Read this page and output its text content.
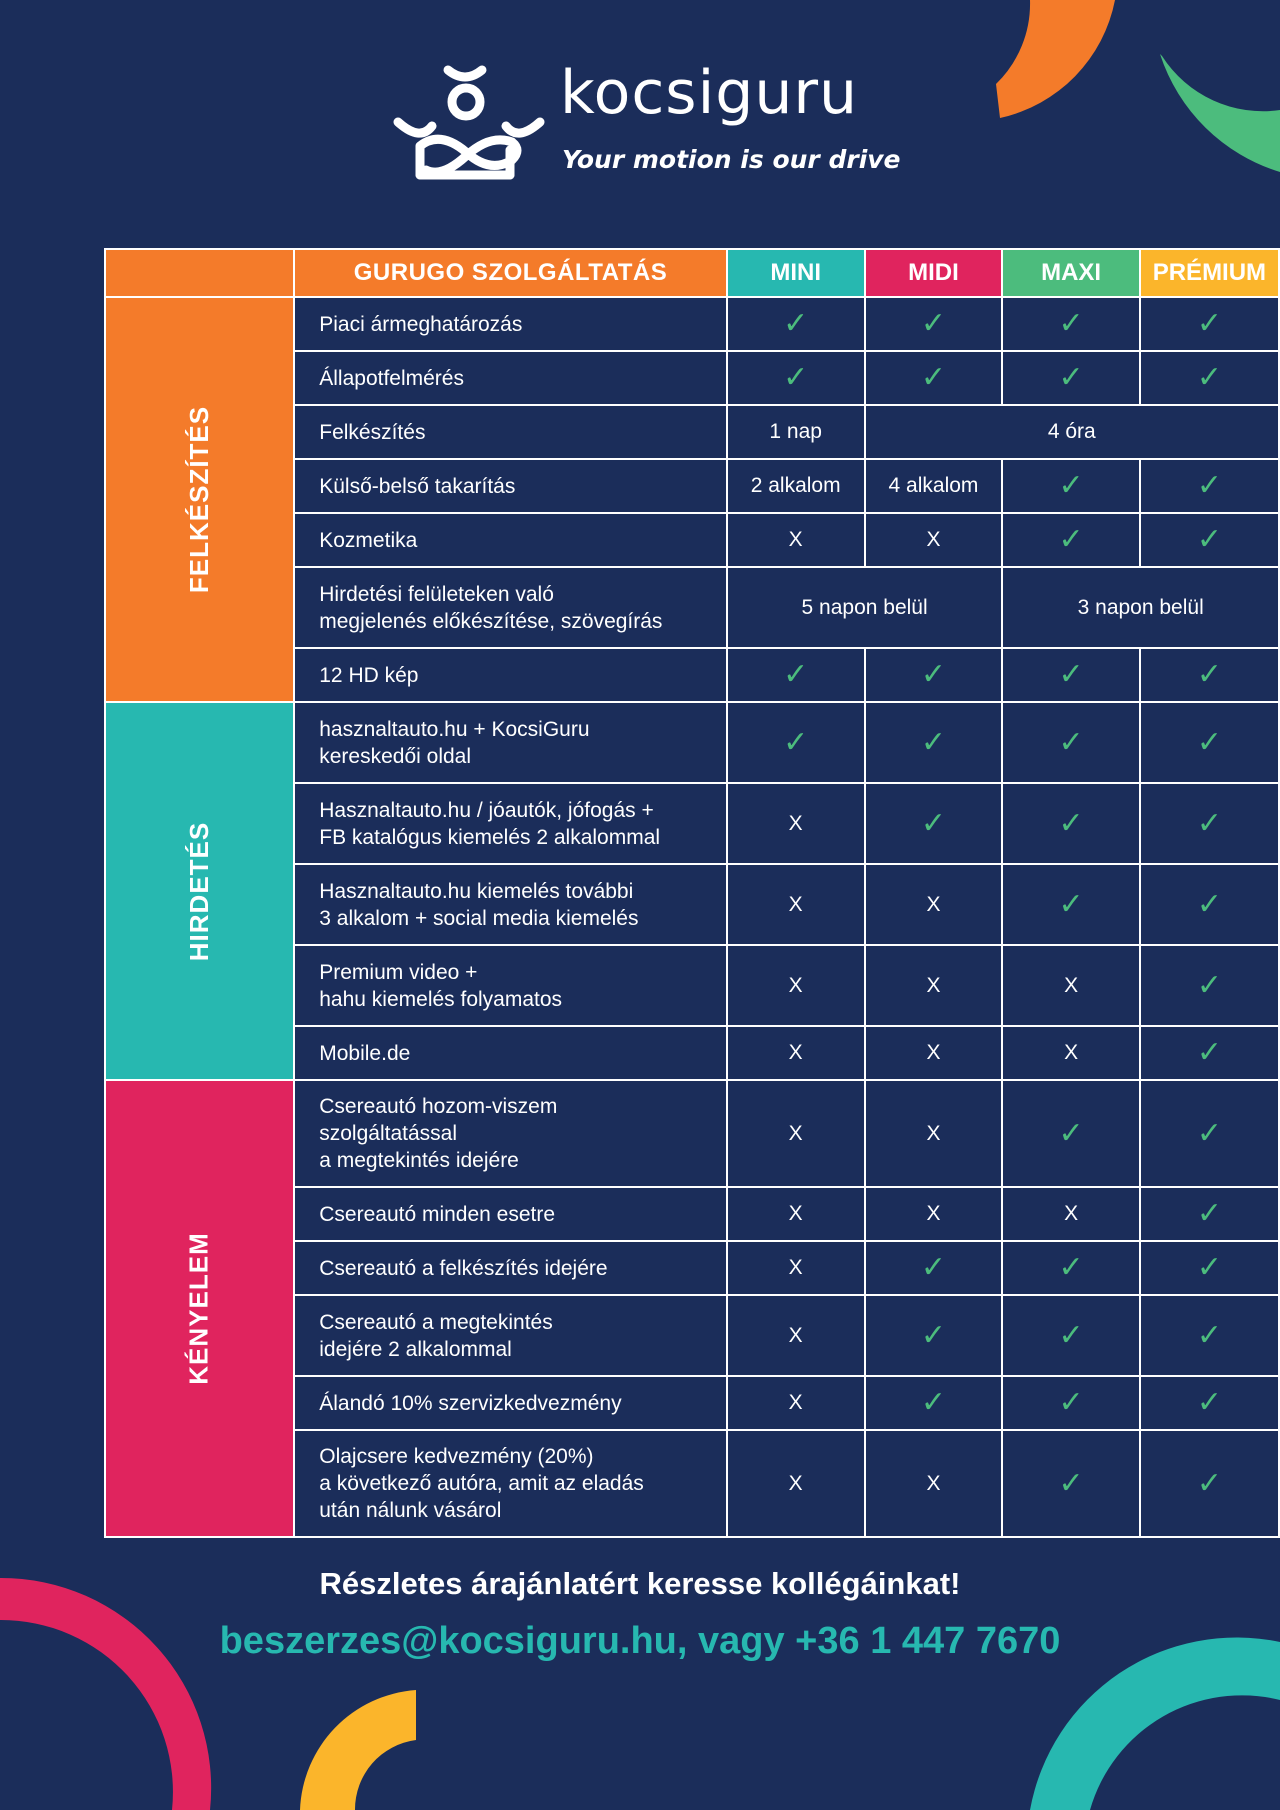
kocsiguru
Your motion is our drive
	GURUGO SZOLGÁLTATÁS	MINI	MIDI	MAXI	PRÉMIUM
FELKÉSZÍTÉS	Piaci ármeghatározás	✓	✓	✓	✓
	Állapotfelmérés	✓	✓	✓	✓
	Felkészítés	1 nap	4 óra		
	Külső-belső takarítás	2 alkalom	4 alkalom	✓	✓
	Kozmetika	X	X	✓	✓
	Hirdetési felületeken való
megjelenés előkészítése, szövegírás	5 napon belül		3 napon belül	
	12 HD kép	✓	✓	✓	✓
HIRDETÉS	hasznaltauto.hu + KocsiGuru
kereskedői oldal	✓	✓	✓	✓
	Hasznaltauto.hu / jóautók, jófogás +
FB katalógus kiemelés 2 alkalommal	X	✓	✓	✓
	Hasznaltauto.hu kiemelés további
3 alkalom + social media kiemelés	X	X	✓	✓
	Premium video +
hahu kiemelés folyamatos	X	X	X	✓
	Mobile.de	X	X	X	✓
KÉNYELEM	Csereautó hozom-viszem
szolgáltatással
a megtekintés idejére	X	X	✓	✓
	Csereautó minden esetre	X	X	X	✓
	Csereautó a felkészítés idejére	X	✓	✓	✓
	Csereautó a megtekintés
idejére 2 alkalommal	X	✓	✓	✓
	Álandó 10% szervizkedvezmény	X	✓	✓	✓
	Olajcsere kedvezmény (20%)
a következő autóra, amit az eladás
után nálunk vásárol	X	X	✓	✓
Részletes árajánlatért keresse kollégáinkat!
beszerzes@kocsiguru.hu, vagy +36 1 447 7670
